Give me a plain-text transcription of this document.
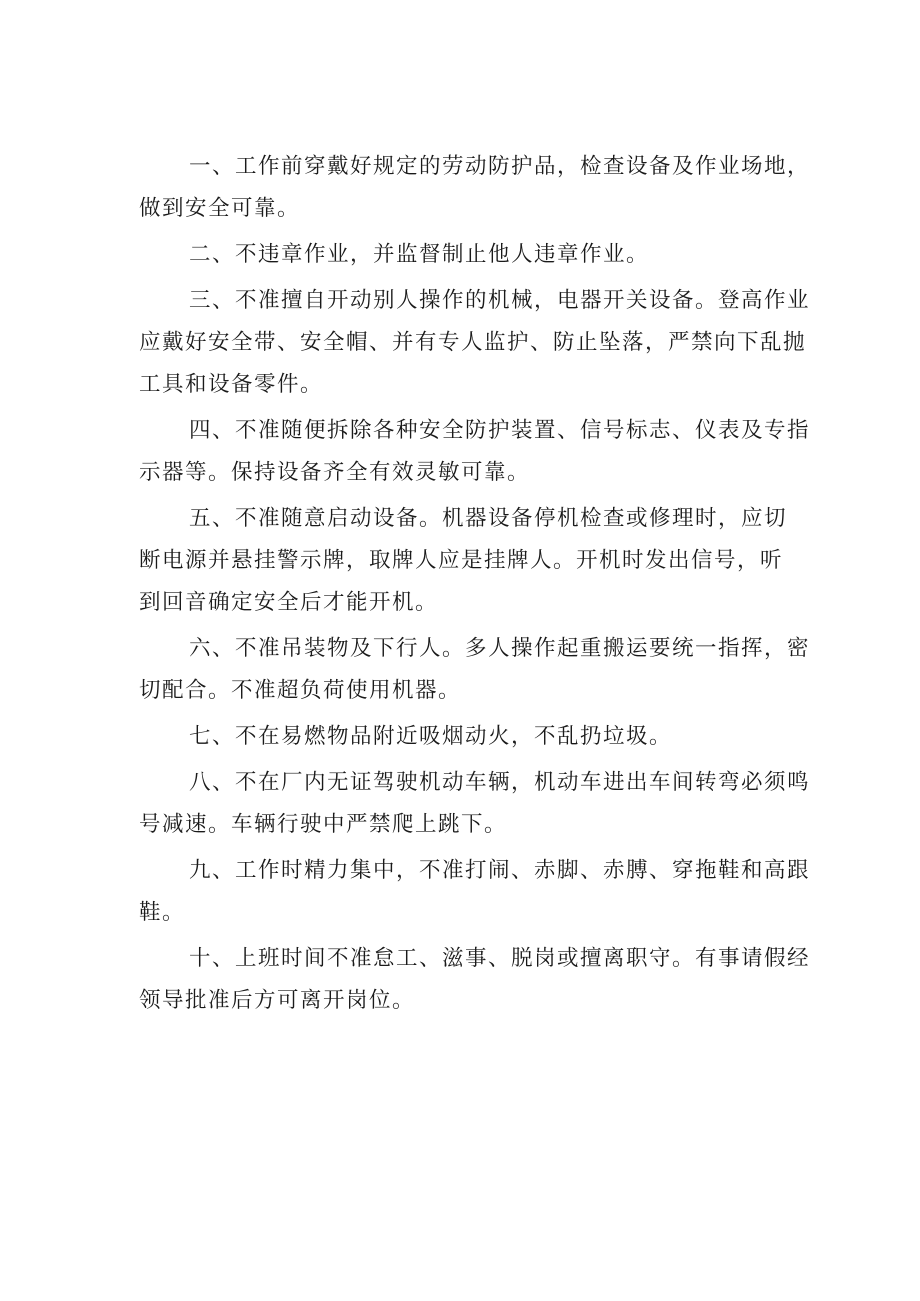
一、工作前穿戴好规定的劳动防护品，检查设备及作业场地，
做到安全可靠。
二、不违章作业，并监督制止他人违章作业。
三、不准擅自开动别人操作的机械，电器开关设备。登高作业
应戴好安全带、安全帽、并有专人监护、防止坠落，严禁向下乱抛
工具和设备零件。
四、不准随便拆除各种安全防护装置、信号标志、仪表及专指
示器等。保持设备齐全有效灵敏可靠。
五、不准随意启动设备。机器设备停机检查或修理时，应切
断电源并悬挂警示牌，取牌人应是挂牌人。开机时发出信号，听
到回音确定安全后才能开机。
六、不准吊装物及下行人。多人操作起重搬运要统一指挥，密
切配合。不准超负荷使用机器。
七、不在易燃物品附近吸烟动火，不乱扔垃圾。
八、不在厂内无证驾驶机动车辆，机动车进出车间转弯必须鸣
号减速。车辆行驶中严禁爬上跳下。
九、工作时精力集中，不准打闹、赤脚、赤膊、穿拖鞋和高跟
鞋。
十、上班时间不准怠工、滋事、脱岗或擅离职守。有事请假经
领导批准后方可离开岗位。
